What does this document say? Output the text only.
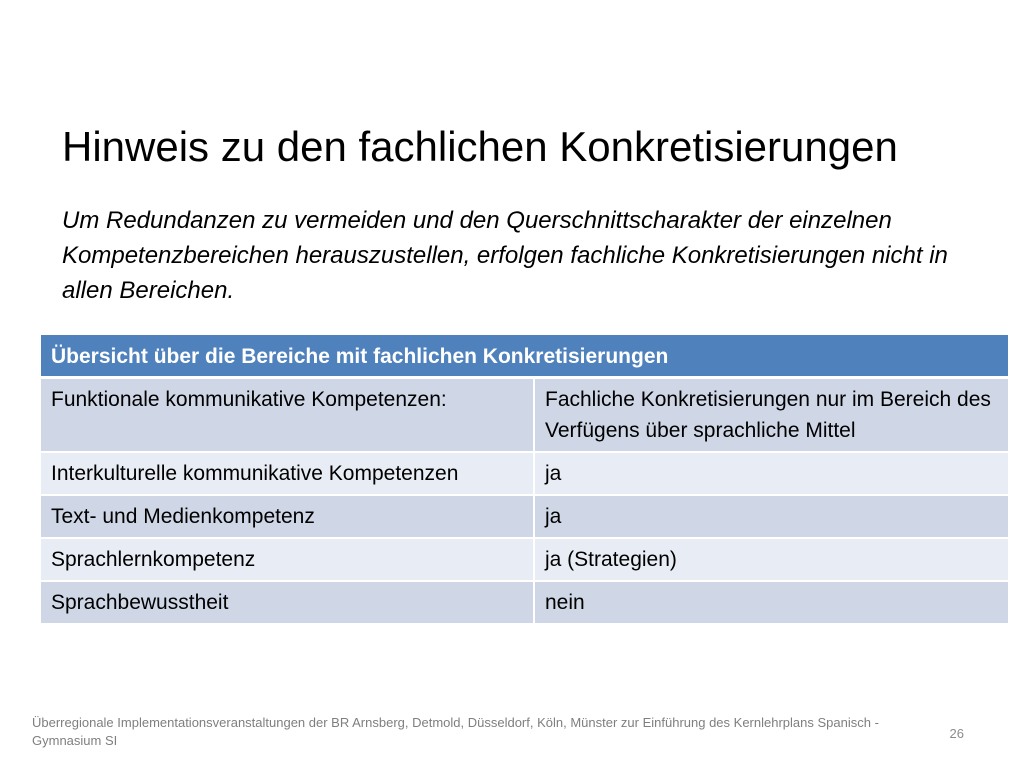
Hinweis zu den fachlichen Konkretisierungen

Um Redundanzen zu vermeiden und den Querschnittscharakter der einzelnen Kompetenzbereichen herauszustellen, erfolgen fachliche Konkretisierungen nicht in allen Bereichen.

Übersicht über die Bereiche mit fachlichen Konkretisierungen	
Funktionale kommunikative Kompetenzen:	Fachliche Konkretisierungen nur im Bereich des Verfügens über sprachliche Mittel
Interkulturelle kommunikative Kompetenzen	ja
Text- und Medienkompetenz	ja
Sprachlernkompetenz	ja (Strategien)
Sprachbewusstheit	nein

Überregionale Implementationsveranstaltungen der BR Arnsberg, Detmold, Düsseldorf, Köln, Münster zur Einführung des Kernlehrplans Spanisch - Gymnasium SI	26
